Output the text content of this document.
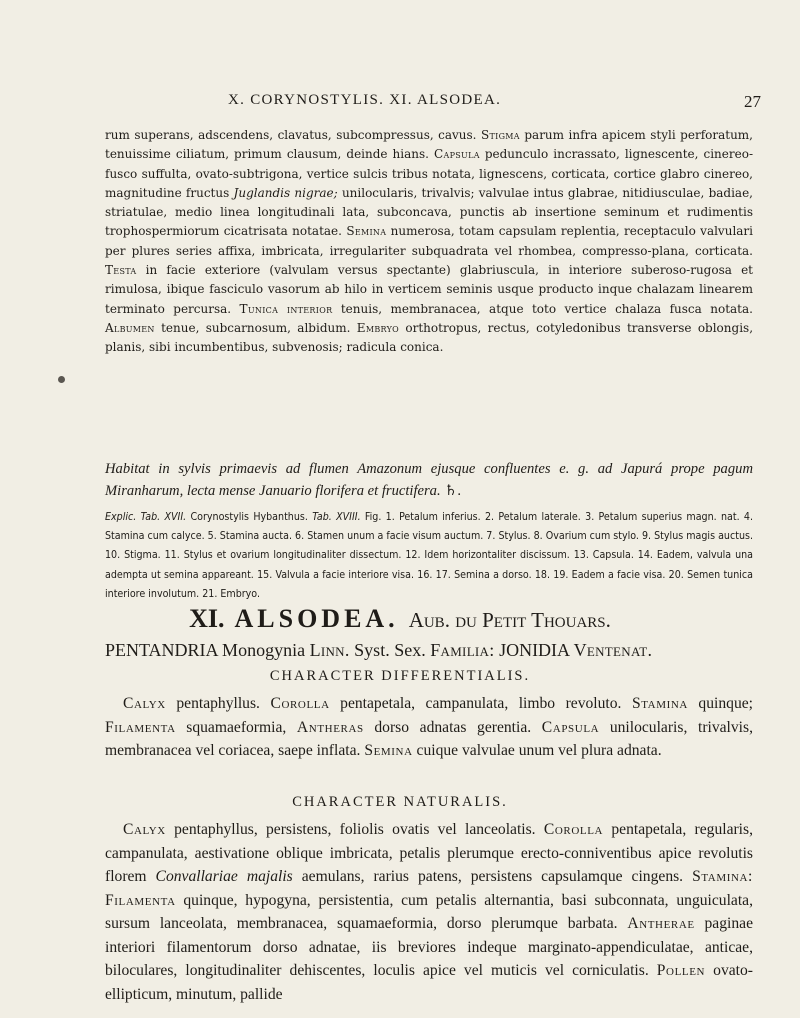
X. CORYNOSTYLIS. XI. ALSODEA.	27
rum superans, adscendens, clavatus, subcompressus, cavus. Stigma parum infra apicem styli perforatum, tenuissime ciliatum, primum clausum, deinde hians. Capsula pedunculo incrassato, lignescente, cinereo-fusco suffulta, ovato-subtrigona, vertice sulcis tribus notata, lignescens, corticata, cortice glabro cinereo, magnitudine fructus Juglandis nigrae; unilocularis, trivalvis; valvulae intus glabrae, nitidiusculae, badiae, striatulae, medio linea longitudinali lata, subconcava, punctis ab insertione seminum et rudimentis trophospermiorum cicatrisata notatae. Semina numerosa, totam capsulam replentia, receptaculo valvulari per plures series affixa, imbricata, irregulariter subquadrata vel rhombea, compresso-plana, corticata. Testa in facie exteriore (valvulam versus spectante) glabriuscula, in interiore suberoso-rugosa et rimulosa, ibique fasciculo vasorum ab hilo in verticem seminis usque producto inque chalazam linearem terminato percursa. Tunica interior tenuis, membranacea, atque toto vertice chalaza fusca notata. Albumen tenue, subcarnosum, albidum. Embryo orthotropus, rectus, cotyledonibus transverse oblongis, planis, sibi incumbentibus, subvenosis; radicula conica.
Habitat in sylvis primaevis ad flumen Amazonum ejusque confluentes e. g. ad Japurá prope pagum Miranharum, lecta mense Januario florifera et fructifera. ♄.
Explic. Tab. XVII. Corynostylis Hybanthus. Tab. XVIII. Fig. 1. Petalum inferius. 2. Petalum laterale. 3. Petalum superius magn. nat. 4. Stamina cum calyce. 5. Stamina aucta. 6. Stamen unum a facie visum auctum. 7. Stylus. 8. Ovarium cum stylo. 9. Stylus magis auctus. 10. Stigma. 11. Stylus et ovarium longitudinaliter dissectum. 12. Idem horizontaliter discissum. 13. Capsula. 14. Eadem, valvula una adempta ut semina appareant. 15. Valvula a facie interiore visa. 16. 17. Semina a dorso. 18. 19. Eadem a facie visa. 20. Semen tunica interiore involutum. 21. Embryo.
XI. ALSODEA. Aub. du Petit Thouars.
PENTANDRIA Monogynia Linn. Syst. Sex. Familia: JONIDIA Ventenat.
CHARACTER DIFFERENTIALIS.
Calyx pentaphyllus. Corolla pentapetala, campanulata, limbo revoluto. Stamina quinque; Filamenta squamaeformia, Antheras dorso adnatas gerentia. Capsula unilocularis, trivalvis, membranacea vel coriacea, saepe inflata. Semina cuique valvulae unum vel plura adnata.
CHARACTER NATURALIS.
Calyx pentaphyllus, persistens, foliolis ovatis vel lanceolatis. Corolla pentapetala, regularis, campanulata, aestivatione oblique imbricata, petalis plerumque erecto-conniventibus apice revolutis florem Convallariae majalis aemulans, rarius patens, persistens capsulamque cingens. Stamina: Filamenta quinque, hypogyna, persistentia, cum petalis alternantia, basi subconnata, unguiculata, sursum lanceolata, membranacea, squamaeformia, dorso plerumque barbata. Antherae paginae interiori filamentorum dorso adnatae, iis breviores indeque marginato-appendiculatae, anticae, biloculares, longitudinaliter dehiscentes, loculis apice vel muticis vel corniculatis. Pollen ovato-ellipticum, minutum, pallide
